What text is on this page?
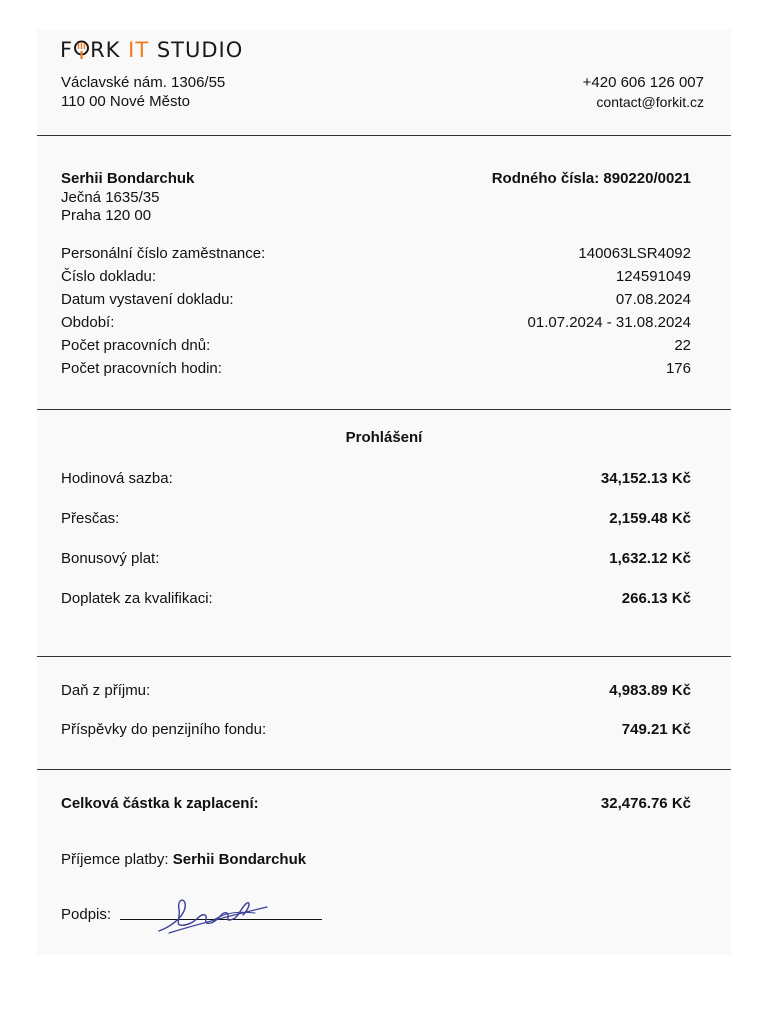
F RK IT STUDIO
Václavské nám. 1306/55
110 00 Nové Město
+420 606 126 007
contact@forkit.cz
Serhii Bondarchuk
Ječná 1635/35
Praha 120 00
Rodného čísla: 890220/0021
Personální číslo zaměstnance:	140063LSR4092
Číslo dokladu:	124591049
Datum vystavení dokladu:	07.08.2024
Období:	01.07.2024 - 31.08.2024
Počet pracovních dnů:	22
Počet pracovních hodin:	176
Prohlášení
Hodinová sazba:	34,152.13 Kč
Přesčas:	2,159.48 Kč
Bonusový plat:	1,632.12 Kč
Doplatek za kvalifikaci:	266.13 Kč
Daň z příjmu:	4,983.89 Kč
Příspěvky do penzijního fondu:	749.21 Kč
Celková částka k zaplacení:	32,476.76 Kč
Příjemce platby: Serhii Bondarchuk
Podpis:
